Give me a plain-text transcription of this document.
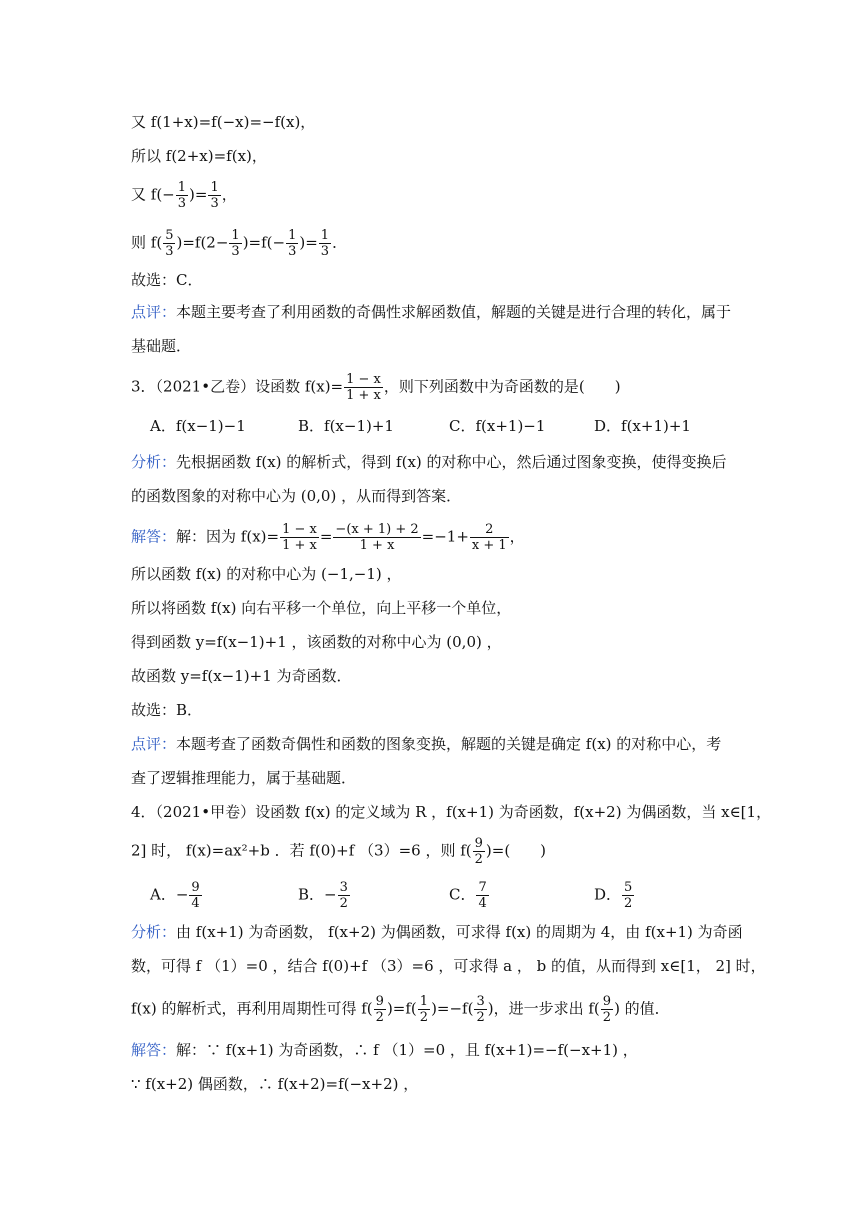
又 f(1+x)=f(−x)=−f(x)，
所以 f(2+x)=f(x)，
又 $f(- \frac{1}{3}$ )= $\frac{1}{3}$ ，
则 $f( \frac{5}{3} )=f(2- \frac{1}{3} )=f(- \frac{1}{3}$ )= $\frac{1}{3}$ ．
故选：C．
点评：本题主要考查了利用函数的奇偶性求解函数值，解题的关键是进行合理的转化，属于
基础题．
3．（2021•乙卷）设函数 $f(x)= \frac{1 - x}{1 + x}$ ，则下列函数中为奇函数的是(　　)
A．f(x−1)−1	B．f(x−1)+1	C．f(x+1)−1	D．f(x+1)+1
分析：先根据函数 f(x) 的解析式，得到 f(x) 的对称中心，然后通过图象变换，使得变换后
的函数图象的对称中心为 (0,0) ，从而得到答案．
解答：解：因为 $f(x)= \frac{1 - x}{1 + x} = \frac{-(x + 1) + 2}{1 + x} =-1+ \frac{2}{x + 1}$ ，
所以函数 f(x) 的对称中心为 (−1,−1) ，
所以将函数 f(x) 向右平移一个单位，向上平移一个单位，
得到函数 y=f(x−1)+1 ，该函数的对称中心为 (0,0) ，
故函数 y=f(x−1)+1 为奇函数．
故选：B．
点评：本题考查了函数奇偶性和函数的图象变换，解题的关键是确定 f(x) 的对称中心，考
查了逻辑推理能力，属于基础题．
4．（2021•甲卷）设函数 f(x) 的定义域为 R ，f(x+1) 为奇函数，f(x+2) 为偶函数，当 x∈[1，
2] 时， f(x)=ax²+b ．若 f(0)+f （3）=6 ，则 $f( \frac{9}{2}$ )=(　　)
A．− $\frac{9}{4}$	B．− $\frac{3}{2}$	C． $\frac{7}{4}$	D． $\frac{5}{2}$
分析：由 f(x+1) 为奇函数， f(x+2) 为偶函数，可求得 f(x) 的周期为 4，由 f(x+1) 为奇函
数，可得 f （1）=0 ，结合 f(0)+f （3）=6 ，可求得 a ， b 的值，从而得到 x∈[1， 2] 时，
f(x) 的解析式，再利用周期性可得 $f( \frac{9}{2} )=f( \frac{1}{2} )=-f( \frac{3}{2}$ )，进一步求出 $f( \frac{9}{2}$ ) 的值．
解答：解：∵ f(x+1) 为奇函数，∴ f （1）=0 ，且 f(x+1)=−f(−x+1) ，
∵ f(x+2) 偶函数，∴ f(x+2)=f(−x+2) ，
